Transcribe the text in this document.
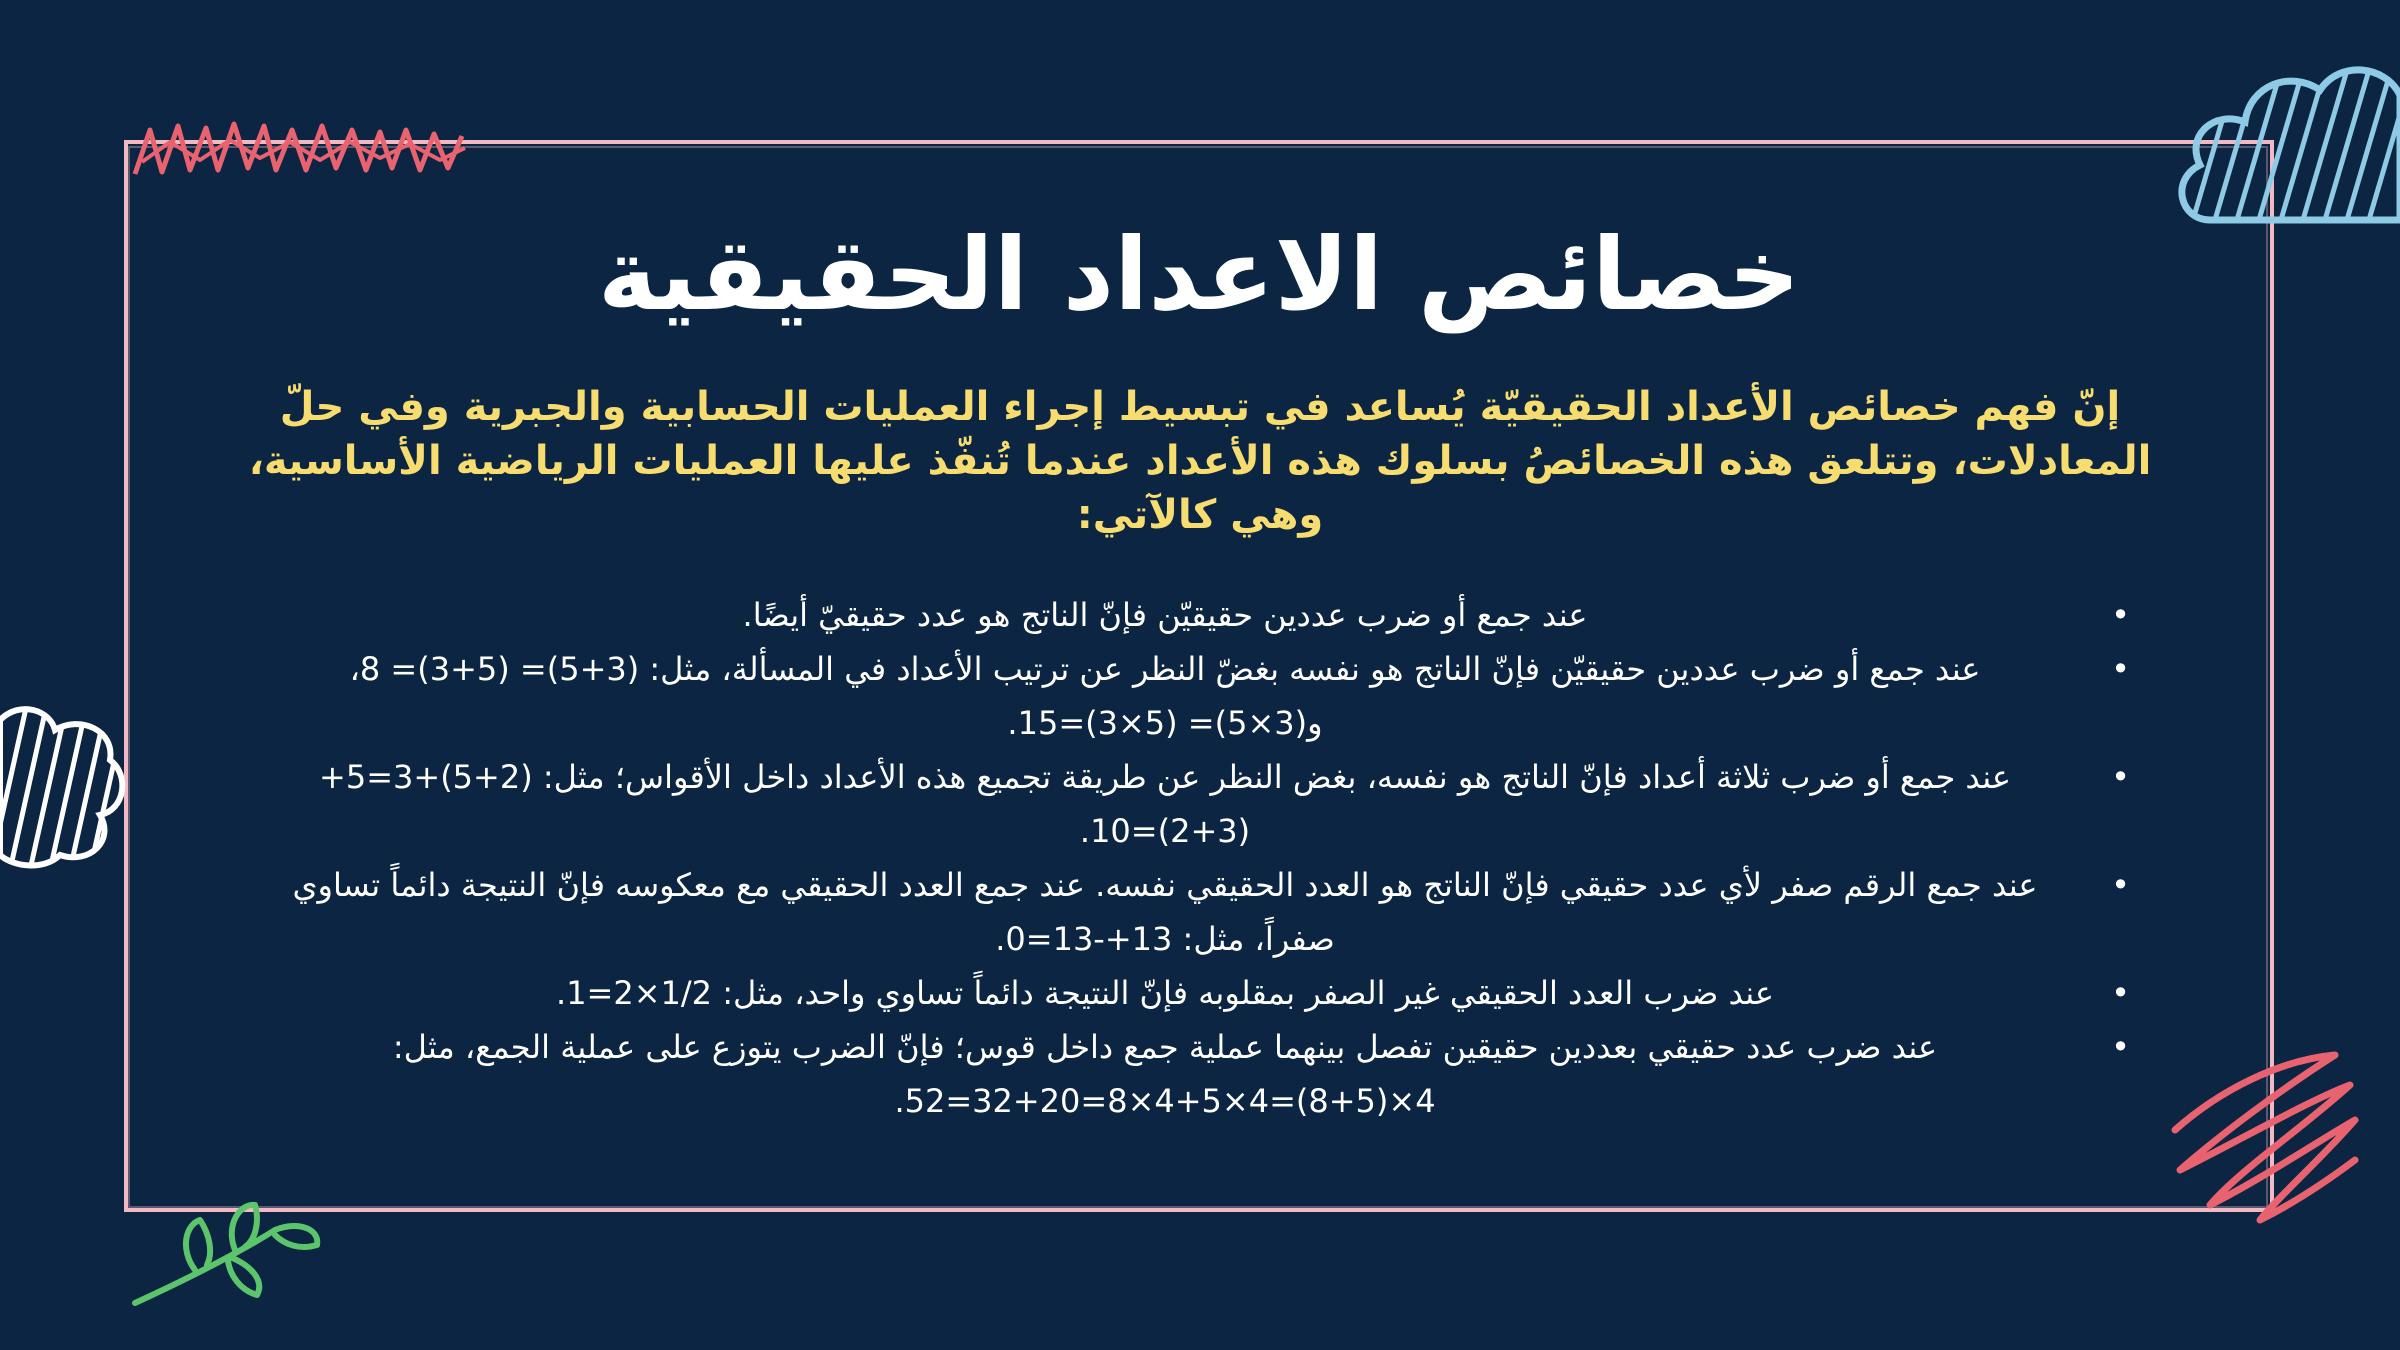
خصائص الاعداد الحقيقية
إنّ فهم خصائص الأعداد الحقيقيّة يُساعد في تبسيط إجراء العمليات الحسابية والجبرية وفي حلّ المعادلات، وتتلعق هذه الخصائصُ بسلوك هذه الأعداد عندما تُنفّذ عليها العمليات الرياضية الأساسية، وهي كالآتي:
• عند جمع أو ضرب عددين حقيقيّن فإنّ الناتج هو عدد حقيقيّ أيضًا.
• عند جمع أو ضرب عددين حقيقيّن فإنّ الناتج هو نفسه بغضّ النظر عن ترتيب الأعداد في المسألة، مثل: (3+5)= (5+3)= 8، و(3×5)= (5×3)=15.
• عند جمع أو ضرب ثلاثة أعداد فإنّ الناتج هو نفسه، بغض النظر عن طريقة تجميع هذه الأعداد داخل الأقواس؛ مثل: (2+5)+3=5+(3+2)=10.
• عند جمع الرقم صفر لأي عدد حقيقي فإنّ الناتج هو العدد الحقيقي نفسه. عند جمع العدد الحقيقي مع معكوسه فإنّ النتيجة دائماً تساوي صفراً، مثل: 13+-13=0.
• عند ضرب العدد الحقيقي غير الصفر بمقلوبه فإنّ النتيجة دائماً تساوي واحد، مثل: 1/2×2=1.
• عند ضرب عدد حقيقي بعددين حقيقين تفصل بينهما عملية جمع داخل قوس؛ فإنّ الضرب يتوزع على عملية الجمع، مثل: 4×(5+8)=4×5+4×8=20+32=52.
